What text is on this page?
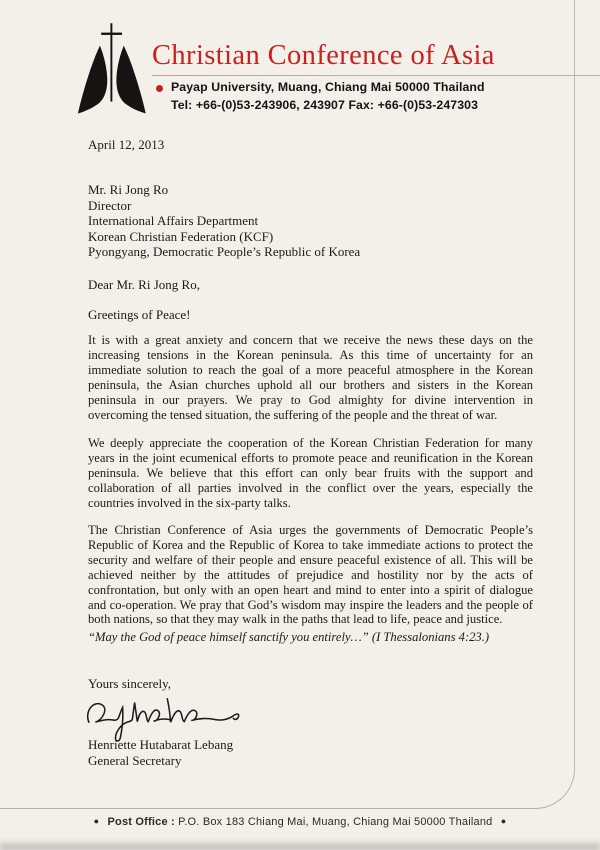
Christian Conference of Asia
Payap University, Muang, Chiang Mai 50000 Thailand
Tel: +66-(0)53-243906, 243907 Fax: +66-(0)53-247303
April 12, 2013
Mr. Ri Jong Ro
Director
International Affairs Department
Korean Christian Federation (KCF)
Pyongyang, Democratic People’s Republic of Korea
Dear Mr. Ri Jong Ro,
Greetings of Peace!
It is with a great anxiety and concern that we receive the news these days on the increasing tensions in the Korean peninsula. As this time of uncertainty for an immediate solution to reach the goal of a more peaceful atmosphere in the Korean peninsula, the Asian churches uphold all our brothers and sisters in the Korean peninsula in our prayers. We pray to God almighty for divine intervention in overcoming the tensed situation, the suffering of the people and the threat of war.
We deeply appreciate the cooperation of the Korean Christian Federation for many years in the joint ecumenical efforts to promote peace and reunification in the Korean peninsula. We believe that this effort can only bear fruits with the support and collaboration of all parties involved in the conflict over the years, especially the countries involved in the six-party talks.
The Christian Conference of Asia urges the governments of Democratic People’s Republic of Korea and the Republic of Korea to take immediate actions to protect the security and welfare of their people and ensure peaceful existence of all. This will be achieved neither by the attitudes of prejudice and hostility nor by the acts of confrontation, but only with an open heart and mind to enter into a spirit of dialogue and co-operation. We pray that God’s wisdom may inspire the leaders and the people of both nations, so that they may walk in the paths that lead to life, peace and justice.
“May the God of peace himself sanctify you entirely…” (I Thessalonians 4:23.)
Yours sincerely,
Henriette Hutabarat Lebang
General Secretary
● Post Office : P.O. Box 183 Chiang Mai, Muang, Chiang Mai 50000 Thailand ●
